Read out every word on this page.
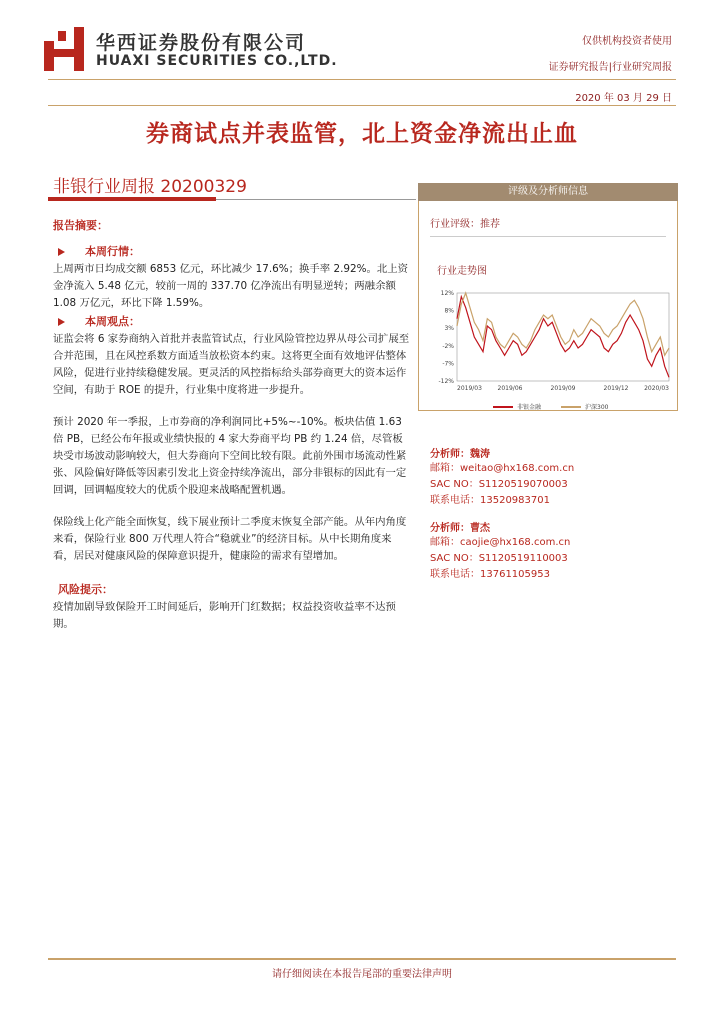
华西证券股份有限公司
HUAXI SECURITIES CO.,LTD.
仅供机构投资者使用
证券研究报告|行业研究周报
2020 年 03 月 29 日
券商试点并表监管，北上资金净流出止血
非银行业周报 20200329
报告摘要：
本周行情：

上周两市日均成交额 6853 亿元，环比减少 17.6%；换手率 2.92%。北上资金净流入 5.48 亿元，较前一周的 337.70 亿净流出有明显逆转；两融余额 1.08 万亿元，环比下降 1.59%。

本周观点：

证监会将 6 家券商纳入首批并表监管试点，行业风险管控边界从母公司扩展至合并范围，且在风控系数方面适当放松资本约束。这将更全面有效地评估整体风险，促进行业持续稳健发展。更灵活的风控指标给头部券商更大的资本运作空间，有助于 ROE 的提升，行业集中度将进一步提升。

预计 2020 年一季报，上市券商的净利润同比+5%~-10%。板块估值 1.63 倍 PB，已经公布年报或业绩快报的 4 家大券商平均 PB 约 1.24 倍，尽管板块受市场波动影响较大，但大券商向下空间比较有限。此前外围市场流动性紧张、风险偏好降低等因素引发北上资金持续净流出，部分非银标的因此有一定回调，回调幅度较大的优质个股迎来战略配置机遇。

保险线上化产能全面恢复，线下展业预计二季度末恢复全部产能。从年内角度来看，保险行业 800 万代理人符合“稳就业”的经济目标。从中长期角度来看，居民对健康风险的保障意识提升，健康险的需求有望增加。

风险提示：

疫情加剧导致保险开工时间延后，影响开门红数据；权益投资收益率不达预期。

评级及分析师信息
行业评级：推荐
行业走势图
12%
8%
3%
-2%
-7%
-12%
2019/03	2019/06	2019/09	2019/12	2020/03
非银金融	沪深300
分析师：魏涛
邮箱：weitao@hx168.com.cn
SAC NO：S1120519070003
联系电话：13520983701
分析师：曹杰
邮箱：caojie@hx168.com.cn
SAC NO：S1120519110003
联系电话：13761105953
请仔细阅读在本报告尾部的重要法律声明
